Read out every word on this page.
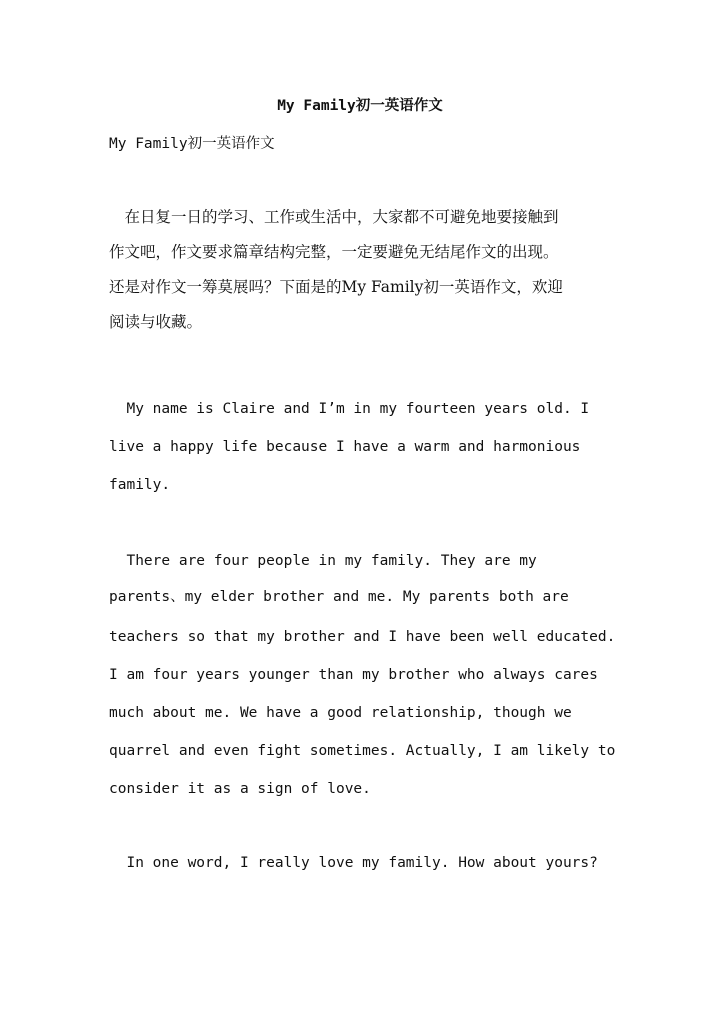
My Family初一英语作文

My Family初一英语作文

　在日复一日的学习、工作或生活中，大家都不可避免地要接触到
作文吧，作文要求篇章结构完整，一定要避免无结尾作文的出现。
还是对作文一筹莫展吗？下面是的My Family初一英语作文，欢迎
阅读与收藏。
My name is Claire and I’m in my fourteen years old. I
live a happy life because I have a warm and harmonious
family.
There are four people in my family. They are my
parents、my elder brother and me. My parents both are
teachers so that my brother and I have been well educated.
I am four years younger than my brother who always cares
much about me. We have a good relationship, though we
quarrel and even fight sometimes. Actually, I am likely to
consider it as a sign of love.
In one word, I really love my family. How about yours?
